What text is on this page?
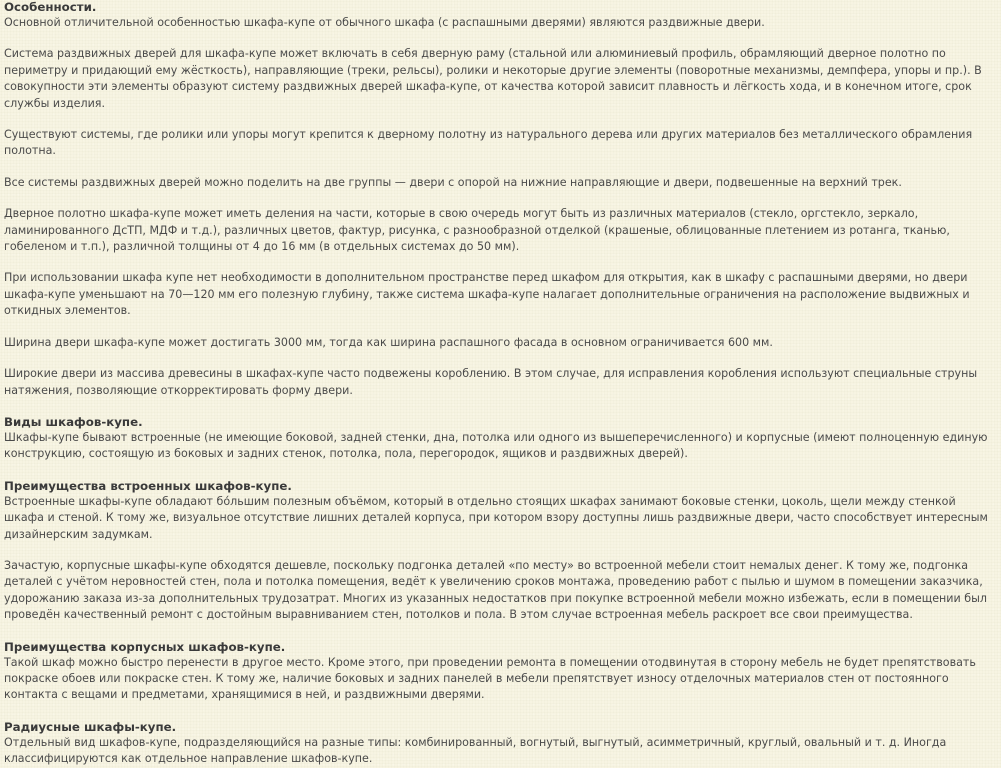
Особенности.

Основной отличительной особенностью шкафа-купе от обычного шкафа (с распашными дверями) являются раздвижные двери.

Система раздвижных дверей для шкафа-купе может включать в себя дверную раму (стальной или алюминиевый профиль, обрамляющий дверное полотно по периметру и придающий ему жёсткость), направляющие (треки, рельсы), ролики и некоторые другие элементы (поворотные механизмы, демпфера, упоры и пр.). В совокупности эти элементы образуют систему раздвижных дверей шкафа-купе, от качества которой зависит плавность и лёгкость хода, и в конечном итоге, срок службы изделия.

Существуют системы, где ролики или упоры могут крепится к дверному полотну из натурального дерева или других материалов без металлического обрамления полотна.

Все системы раздвижных дверей можно поделить на две группы — двери с опорой на нижние направляющие и двери, подвешенные на верхний трек.

Дверное полотно шкафа-купе может иметь деления на части, которые в свою очередь могут быть из различных материалов (стекло, оргстекло, зеркало, ламинированного ДсТП, МДФ и т.д.), различных цветов, фактур, рисунка, с разнообразной отделкой (крашеные, облицованные плетением из ротанга, тканью, гобеленом и т.п.), различной толщины от 4 до 16 мм (в отдельных системах до 50 мм).

При использовании шкафа купе нет необходимости в дополнительном пространстве перед шкафом для открытия, как в шкафу с распашными дверями, но двери шкафа-купе уменьшают на 70—120 мм его полезную глубину, также система шкафа-купе налагает дополнительные ограничения на расположение выдвижных и откидных элементов.

Ширина двери шкафа-купе может достигать 3000 мм, тогда как ширина распашного фасада в основном ограничивается 600 мм.

Широкие двери из массива древесины в шкафах-купе часто подвежены короблению. В этом случае, для исправления коробления используют специальные струны натяжения, позволяющие откорректировать форму двери.

Виды шкафов-купе.

Шкафы-купе бывают встроенные (не имеющие боковой, задней стенки, дна, потолка или одного из вышеперечисленного) и корпусные (имеют полноценную единую конструкцию, состоящую из боковых и задних стенок, потолка, пола, перегородок, ящиков и раздвижных дверей).

Преимущества встроенных шкафов-купе.

Встроенные шкафы-купе обладают бо́льшим полезным объёмом, который в отдельно стоящих шкафах занимают боковые стенки, цоколь, щели между стенкой шкафа и стеной. К тому же, визуальное отсутствие лишних деталей корпуса, при котором взору доступны лишь раздвижные двери, часто способствует интересным дизайнерским задумкам.

Зачастую, корпусные шкафы-купе обходятся дешевле, поскольку подгонка деталей «по месту» во встроенной мебели стоит немалых денег. К тому же, подгонка деталей с учётом неровностей стен, пола и потолка помещения, ведёт к увеличению сроков монтажа, проведению работ с пылью и шумом в помещении заказчика, удорожанию заказа из-за дополнительных трудозатрат. Многих из указанных недостатков при покупке встроенной мебели можно избежать, если в помещении был проведён качественный ремонт с достойным выравниванием стен, потолков и пола. В этом случае встроенная мебель раскроет все свои преимущества.

Преимущества корпусных шкафов-купе.

Такой шкаф можно быстро перенести в другое место. Кроме этого, при проведении ремонта в помещении отодвинутая в сторону мебель не будет препятствовать покраске обоев или покраске стен. К тому же, наличие боковых и задних панелей в мебели препятствует износу отделочных материалов стен от постоянного контакта с вещами и предметами, хранящимися в ней, и раздвижными дверями.

Радиусные шкафы-купе.

Отдельный вид шкафов-купе, подразделяющийся на разные типы: комбинированный, вогнутый, выгнутый, асимметричный, круглый, овальный и т. д. Иногда классифицируются как отдельное направление шкафов-купе.
